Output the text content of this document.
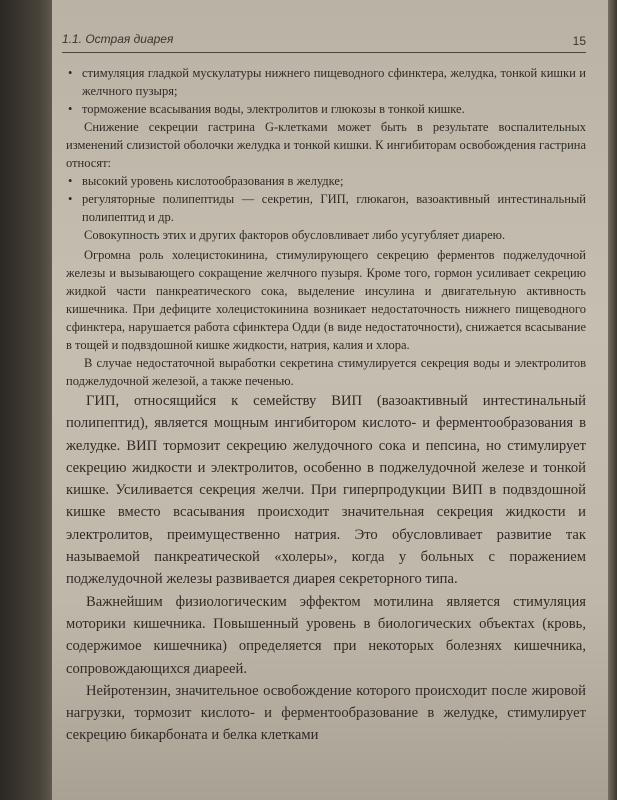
1.1. Острая диарея	15
• стимуляция гладкой мускулатуры нижнего пищеводного сфинктера, желудка, тонкой кишки и желчного пузыря;
• торможение всасывания воды, электролитов и глюкозы в тонкой кишке.

Снижение секреции гастрина G-клетками может быть в результате воспалительных изменений слизистой оболочки желудка и тонкой кишки. К ингибиторам освобождения гастрина относят:

• высокий уровень кислотообразования в желудке;
• регуляторные полипептиды — секретин, ГИП, глюкагон, вазоактивный интестинальный полипептид и др.

Совокупность этих и других факторов обусловливает либо усугубляет диарею.

Огромна роль холецистокинина, стимулирующего секрецию ферментов поджелудочной железы и вызывающего сокращение желчного пузыря. Кроме того, гормон усиливает секрецию жидкой части панкреатического сока, выделение инсулина и двигательную активность кишечника. При дефиците холецистокинина возникает недостаточность нижнего пищеводного сфинктера, нарушается работа сфинктера Одди (в виде недостаточности), снижается всасывание в тощей и подвздошной кишке жидкости, натрия, калия и хлора.

В случае недостаточной выработки секретина стимулируется секреция воды и электролитов поджелудочной железой, а также печенью.

ГИП, относящийся к семейству ВИП (вазоактивный интестинальный полипептид), является мощным ингибитором кислото- и ферментообразования в желудке. ВИП тормозит секрецию желудочного сока и пепсина, но стимулирует секрецию жидкости и электролитов, особенно в поджелудочной железе и тонкой кишке. Усиливается секреция желчи. При гиперпродукции ВИП в подвздошной кишке вместо всасывания происходит значительная секреция жидкости и электролитов, преимущественно натрия. Это обусловливает развитие так называемой панкреатической «холеры», когда у больных с поражением поджелудочной железы развивается диарея секреторного типа.

Важнейшим физиологическим эффектом мотилина является стимуляция моторики кишечника. Повышенный уровень в биологических объектах (кровь, содержимое кишечника) определяется при некоторых болезнях кишечника, сопровождающихся диареей.

Нейротензин, значительное освобождение которого происходит после жировой нагрузки, тормозит кислото- и ферментообразование в желудке, стимулирует секрецию бикарбоната и белка клетками
